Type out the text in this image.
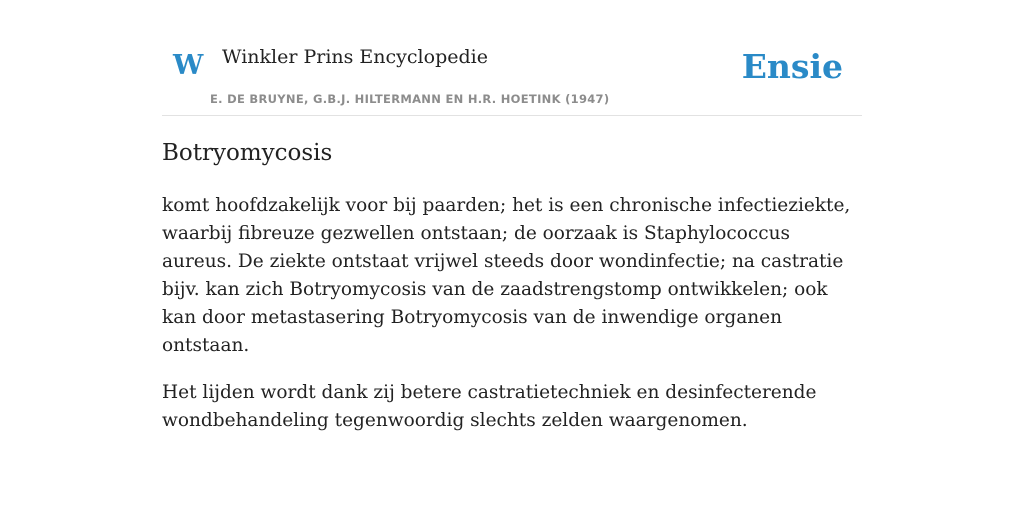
W Winkler Prins Encyclopedie
E. DE BRUYNE, G.B.J. HILTERMANN EN H.R. HOETINK (1947)
Ensie
Botryomycosis

komt hoofdzakelijk voor bij paarden; het is een chronische infectieziekte, waarbij fibreuze gezwellen ontstaan; de oorzaak is Staphylococcus aureus. De ziekte ontstaat vrijwel steeds door wondinfectie; na castratie bijv. kan zich Botryomycosis van de zaadstrengstomp ontwikkelen; ook kan door metastasering Botryomycosis van de inwendige organen ontstaan.

Het lijden wordt dank zij betere castratietechniek en desinfecterende wondbehandeling tegenwoordig slechts zelden waargenomen.
